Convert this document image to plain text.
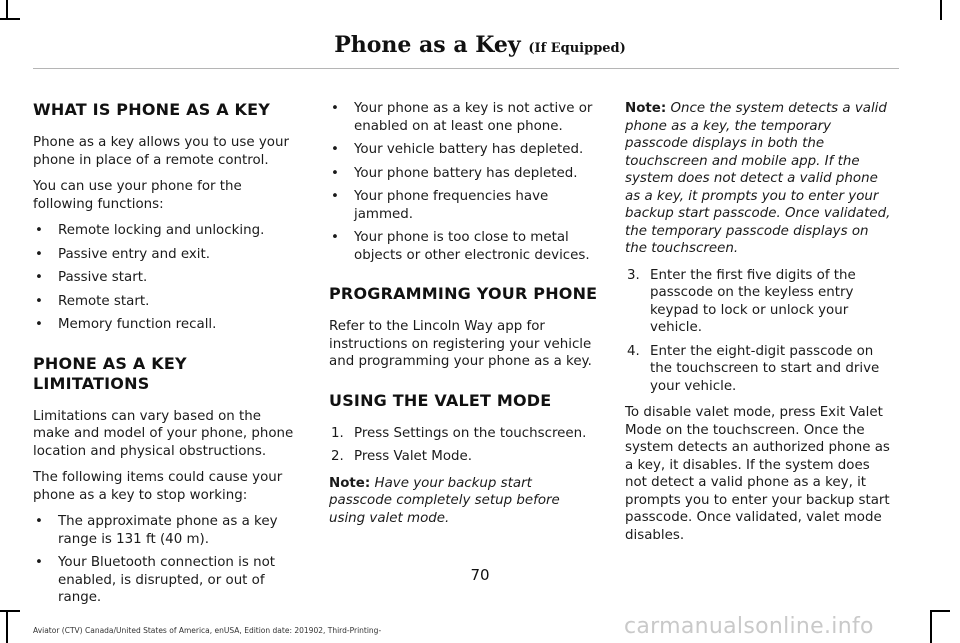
Phone as a Key (If Equipped)
WHAT IS PHONE AS A KEY

Phone as a key allows you to use your phone in place of a remote control.

You can use your phone for the following functions:

• Remote locking and unlocking.
• Passive entry and exit.
• Passive start.
• Remote start.
• Memory function recall.
PHONE AS A KEY LIMITATIONS

Limitations can vary based on the make and model of your phone, phone location and physical obstructions.

The following items could cause your phone as a key to stop working:

• The approximate phone as a key range is 131 ft (40 m).
• Your Bluetooth connection is not enabled, is disrupted, or out of range.
• Your phone as a key is not active or enabled on at least one phone.
• Your vehicle battery has depleted.
• Your phone battery has depleted.
• Your phone frequencies have jammed.
• Your phone is too close to metal objects or other electronic devices.
PROGRAMMING YOUR PHONE

Refer to the Lincoln Way app for instructions on registering your vehicle and programming your phone as a key.

USING THE VALET MODE
1. Press Settings on the touchscreen.
2. Press Valet Mode.

Note: Have your backup start passcode completely setup before using valet mode.

Note: Once the system detects a valid phone as a key, the temporary passcode displays in both the touchscreen and mobile app. If the system does not detect a valid phone as a key, it prompts you to enter your backup start passcode. Once validated, the temporary passcode displays on the touchscreen.

3. Enter the first five digits of the passcode on the keyless entry keypad to lock or unlock your vehicle.
4. Enter the eight-digit passcode on the touchscreen to start and drive your vehicle.

To disable valet mode, press Exit Valet Mode on the touchscreen. Once the system detects an authorized phone as a key, it disables. If the system does not detect a valid phone as a key, it prompts you to enter your backup start passcode. Once validated, valet mode disables.

70
Aviator (CTV) Canada/United States of America, enUSA, Edition date: 201902, Third-Printing-	carmanualsonline.info
